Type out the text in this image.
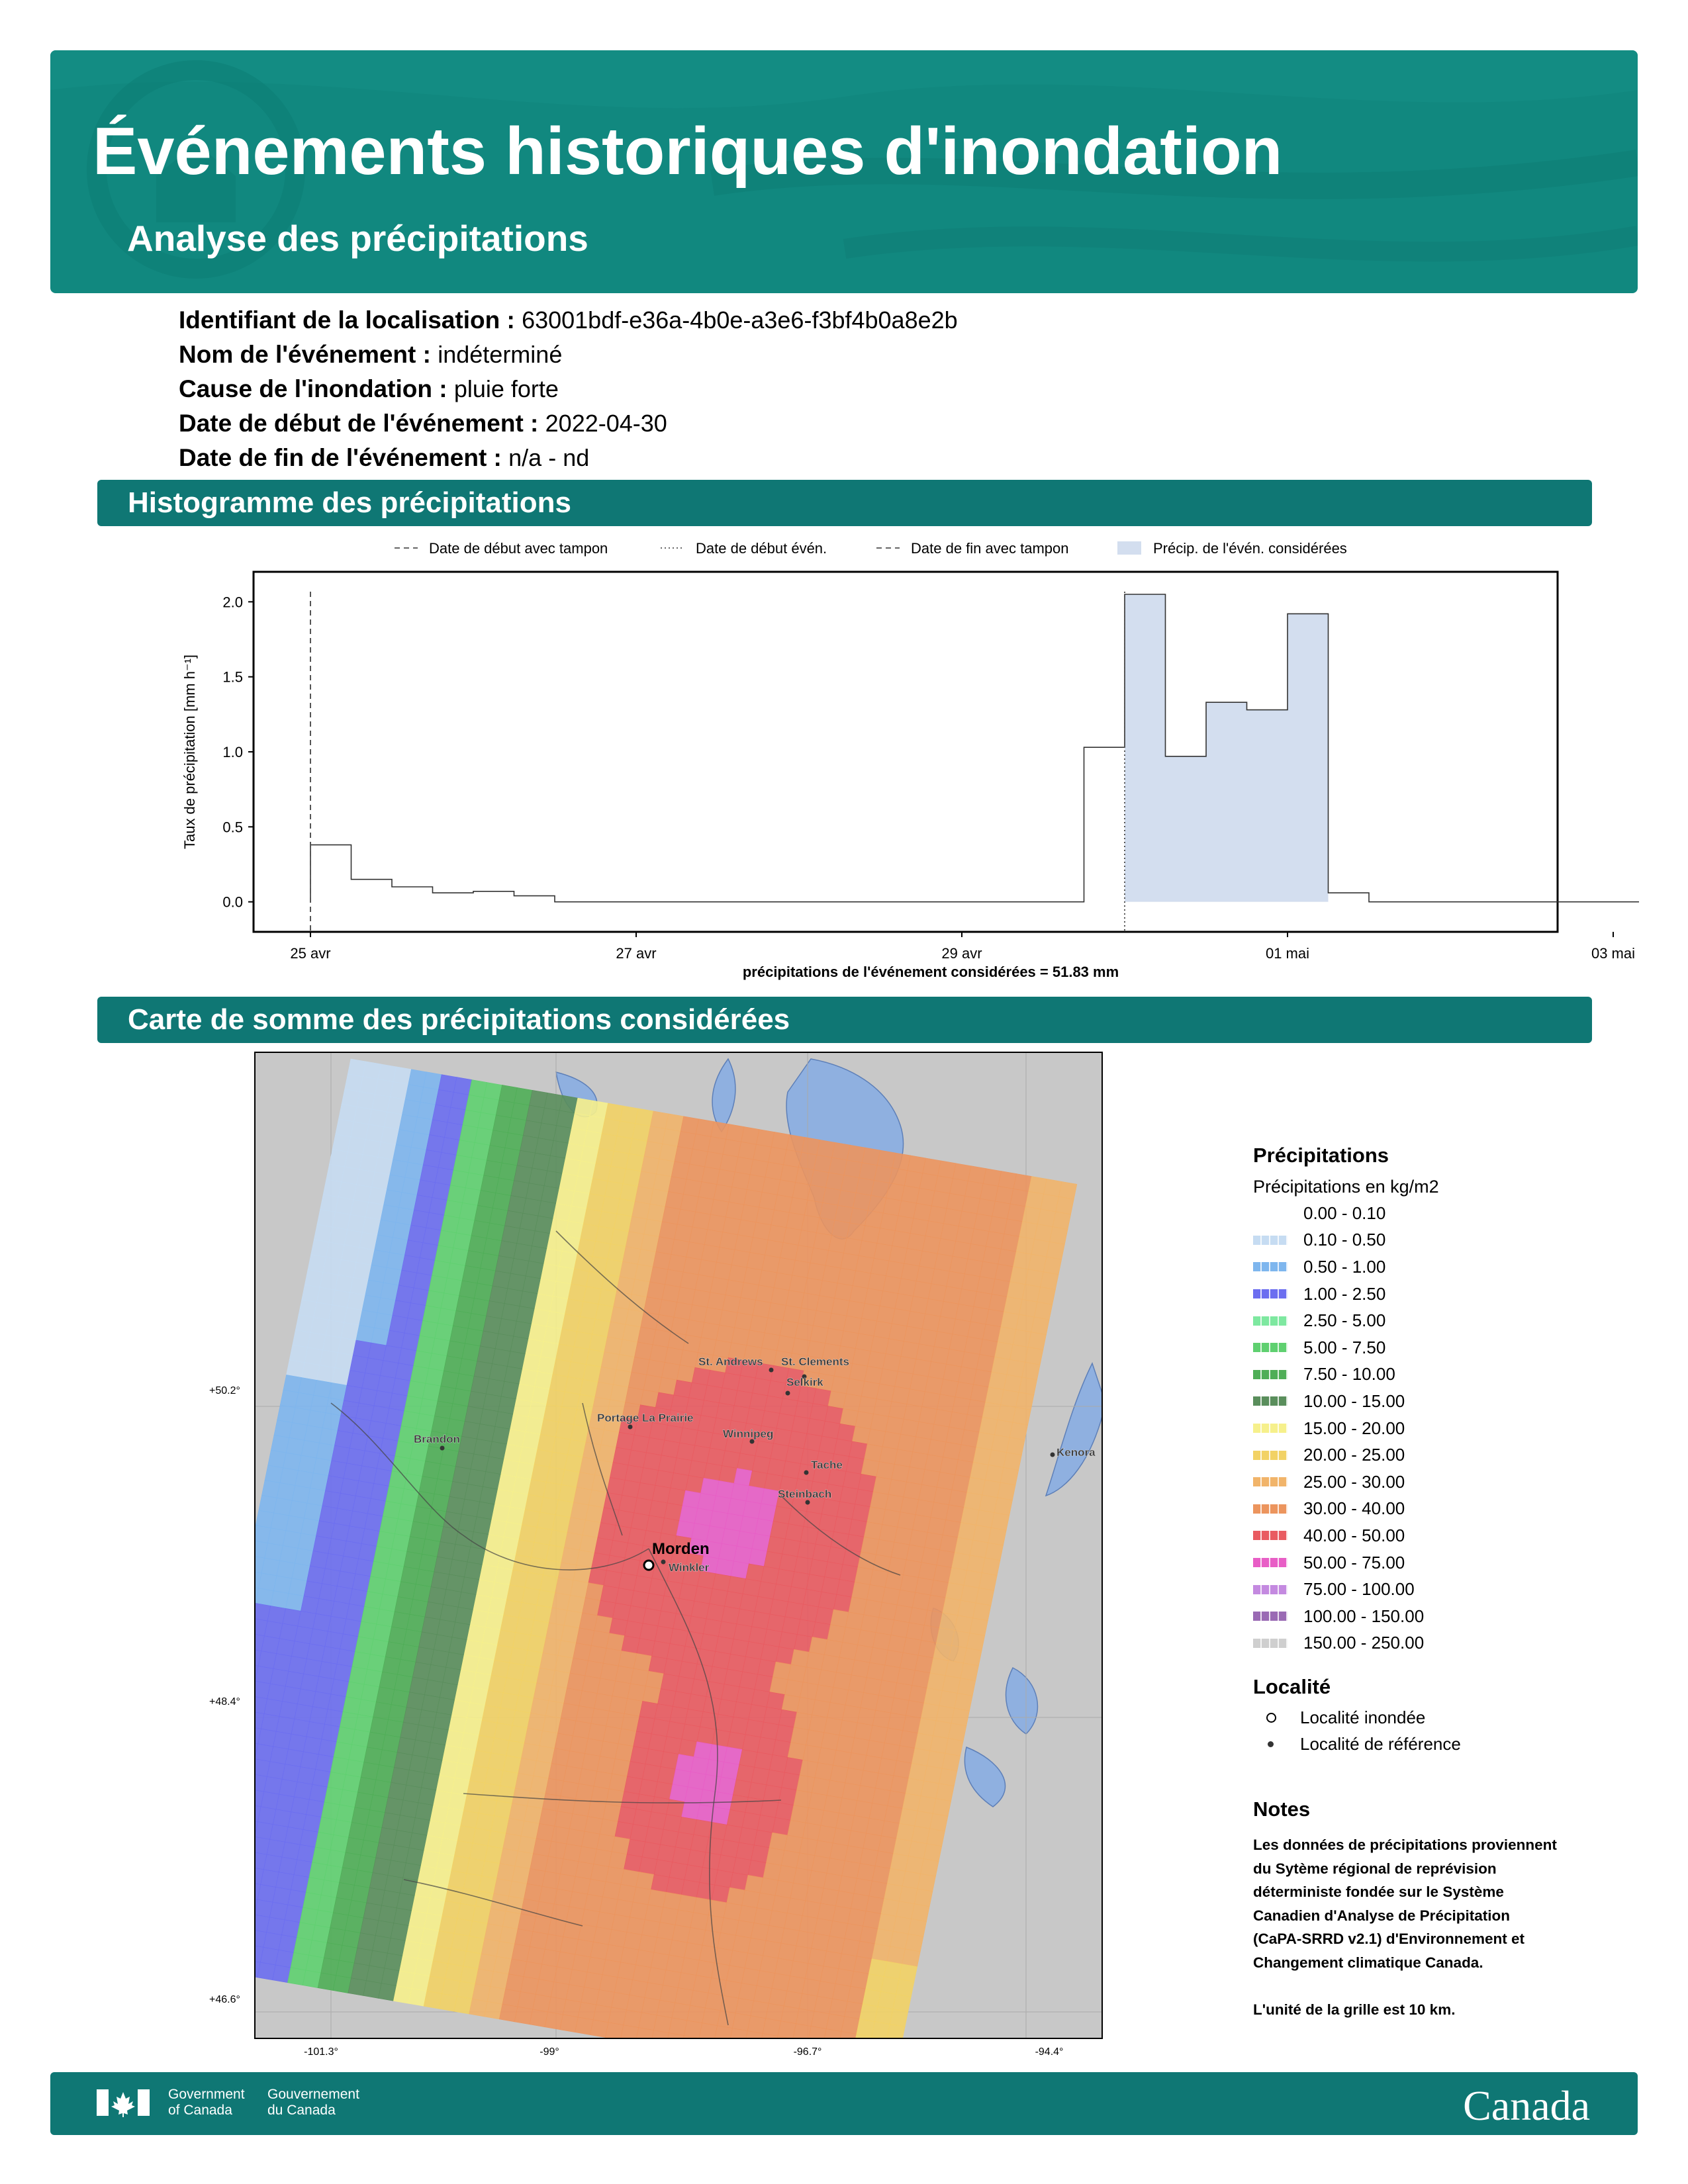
Événements historiques d'inondation
Analyse des précipitations
Identifiant de la localisation : 63001bdf-e36a-4b0e-a3e6-f3bf4b0a8e2b
Nom de l'événement : indéterminé
Cause de l'inondation : pluie forte
Date de début de l'événement : 2022-04-30
Date de fin de l'événement : n/a - nd
Histogramme des précipitations
Carte de somme des précipitations considérées
Date de début avec tampon	Date de début évén.	Date de fin avec tampon	Précip. de l'évén. considérées
0.0
0.5
1.0
1.5
2.0
Taux de précipitation [mm h⁻¹]
25 avr	27 avr	29 avr	01 mai	03 mai
précipitations de l'événement considérées = 51.83 mm
St. Andrews St. Clements
Selkirk
Portage La Prairie
Winnipeg
Brandon
Tache
Steinbach
Kenora
Morden
Winkler
+50.2°
+48.4°
+46.6°
-101.3°	-99°	-96.7°	-94.4°
Précipitations
Précipitations en kg/m2
0.00 - 0.10
0.10 - 0.50
0.50 - 1.00
1.00 - 2.50
2.50 - 5.00
5.00 - 7.50
7.50 - 10.00
10.00 - 15.00
15.00 - 20.00
20.00 - 25.00
25.00 - 30.00
30.00 - 40.00
40.00 - 50.00
50.00 - 75.00
75.00 - 100.00
100.00 - 150.00
150.00 - 250.00
Localité
Localité inondée
Localité de référence
Notes
Les données de précipitations proviennent
du Sytème régional de reprévision
déterministe fondée sur le Système
Canadien d'Analyse de Précipitation
(CaPA-SRRD v2.1) d'Environnement et
Changement climatique Canada.

L'unité de la grille est 10 km.
Government
of Canada
Gouvernement
du Canada	Canada
